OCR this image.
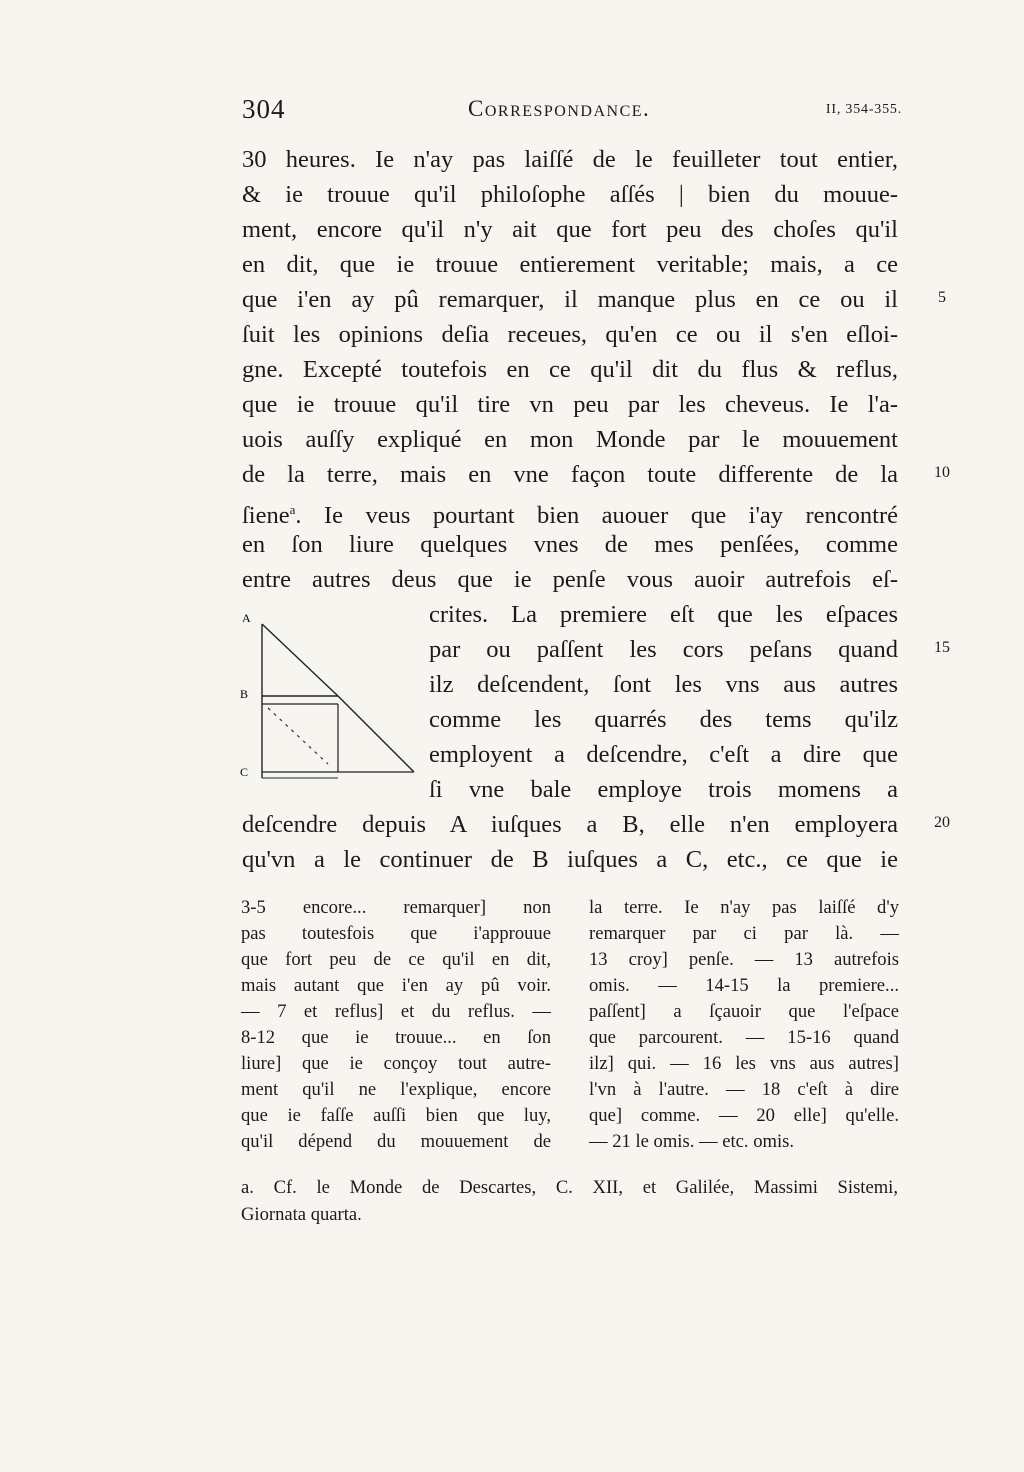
304	Correspondance.	II, 354-355.
30 heures. Ie n'ay pas laiſſé de le feuilleter tout entier,
& ie trouue qu'il philoſophe aſſés | bien du mouue-
ment, encore qu'il n'y ait que fort peu des choſes qu'il
en dit, que ie trouue entierement veritable; mais, a ce
que i'en ay pû remarquer, il manque plus en ce ou il
ſuit les opinions deſia receues, qu'en ce ou il s'en eſloi-
gne. Excepté toutefois en ce qu'il dit du flus & reflus,
que ie trouue qu'il tire vn peu par les cheveus. Ie l'a-
uois auſſy expliqué en mon Monde par le mouuement
de la terre, mais en vne façon toute differente de la
ſiene$^a$. Ie veus pourtant bien auouer que i'ay rencontré
en ſon liure quelques vnes de mes penſées, comme
entre autres deus que ie penſe vous auoir autrefois eſ-
crites. La premiere eſt que les eſpaces
par ou paſſent les cors peſans quand
ilz deſcendent, ſont les vns aus autres
comme les quarrés des tems qu'ilz
employent a deſcendre, c'eſt a dire que
ſi vne bale employe trois momens a
deſcendre depuis A iuſques a B, elle n'en employera
qu'vn a le continuer de B iuſques a C, etc., ce que ie
5
10
15
20
A
B
C
3-5 encore... remarquer] non
pas toutesfois que i'approuue
que fort peu de ce qu'il en dit,
mais autant que i'en ay pû voir.
— 7 et reflus] et du reflus. —
8-12 que ie trouue... en ſon
liure] que ie conçoy tout autre-
ment qu'il ne l'explique, encore
que ie faſſe auſſi bien que luy,
qu'il dépend du mouuement de
la terre. Ie n'ay pas laiſſé d'y
remarquer par ci par là. —
13 croy] penſe. — 13 autrefois
omis. — 14-15 la premiere...
paſſent] a ſçauoir que l'eſpace
que parcourent. — 15-16 quand
ilz] qui. — 16 les vns aus autres]
l'vn à l'autre. — 18 c'eſt à dire
que] comme. — 20 elle] qu'elle.
— 21 le omis. — etc. omis.
a. Cf. le Monde de Descartes, C. XII, et Galilée, Massimi Sistemi,
Giornata quarta.
